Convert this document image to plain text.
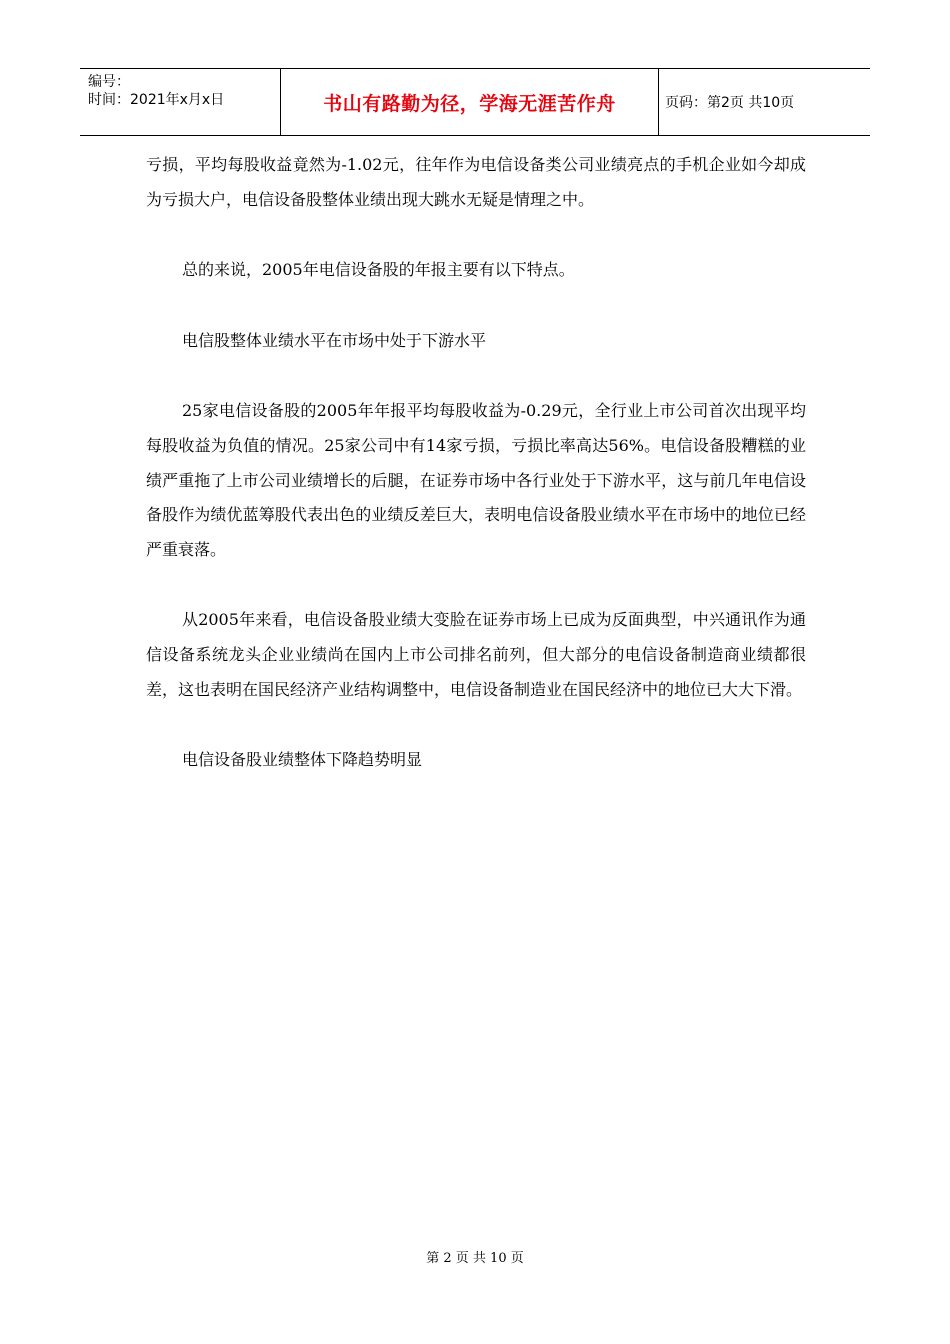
编号：
时间：2021年x月x日	书山有路勤为径，学海无涯苦作舟	页码：第2页 共10页

亏损，平均每股收益竟然为-1.02元，往年作为电信设备类公司业绩亮点的手机企业如今却成为亏损大户，电信设备股整体业绩出现大跳水无疑是情理之中。

总的来说，2005年电信设备股的年报主要有以下特点。

电信股整体业绩水平在市场中处于下游水平

25家电信设备股的2005年年报平均每股收益为-0.29元，全行业上市公司首次出现平均每股收益为负值的情况。25家公司中有14家亏损，亏损比率高达56%。电信设备股糟糕的业绩严重拖了上市公司业绩增长的后腿，在证券市场中各行业处于下游水平，这与前几年电信设备股作为绩优蓝筹股代表出色的业绩反差巨大，表明电信设备股业绩水平在市场中的地位已经严重衰落。

从2005年来看，电信设备股业绩大变脸在证券市场上已成为反面典型，中兴通讯作为通信设备系统龙头企业业绩尚在国内上市公司排名前列，但大部分的电信设备制造商业绩都很差，这也表明在国民经济产业结构调整中，电信设备制造业在国民经济中的地位已大大下滑。

电信设备股业绩整体下降趋势明显

第 2 页 共 10 页
